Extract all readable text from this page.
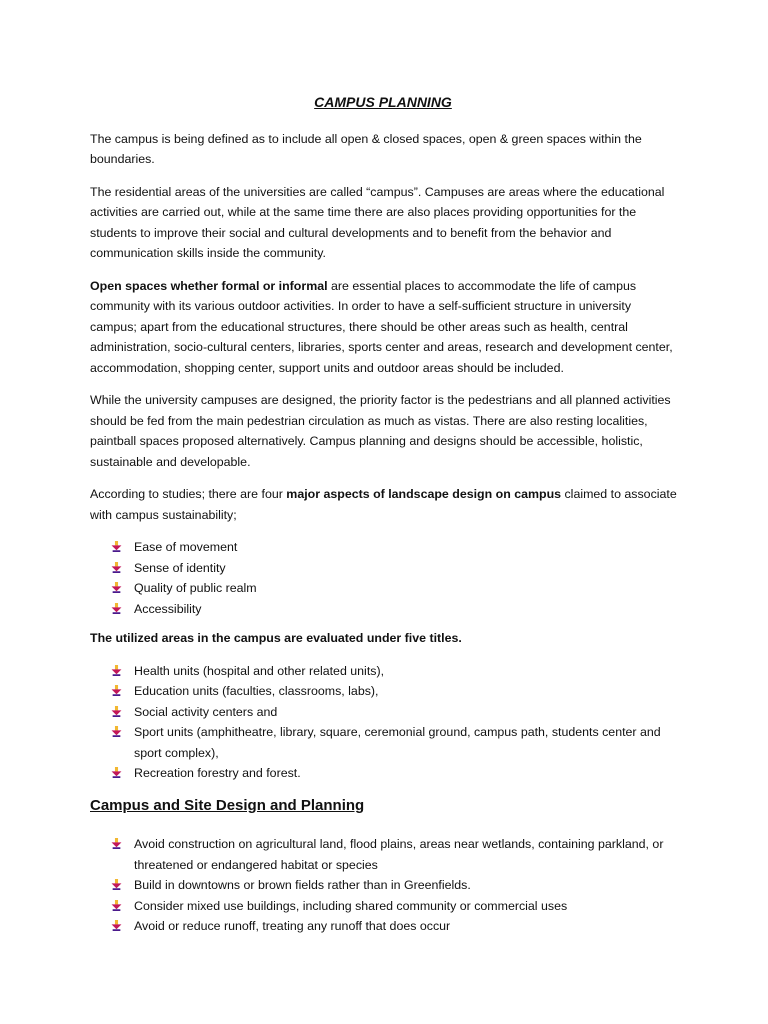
CAMPUS PLANNING

The campus is being defined as to include all open & closed spaces, open & green spaces within the boundaries.

The residential areas of the universities are called “campus”. Campuses are areas where the educational activities are carried out, while at the same time there are also places providing opportunities for the students to improve their social and cultural developments and to benefit from the behavior and communication skills inside the community.

Open spaces whether formal or informal are essential places to accommodate the life of campus community with its various outdoor activities. In order to have a self-sufficient structure in university campus; apart from the educational structures, there should be other areas such as health, central administration, socio-cultural centers, libraries, sports center and areas, research and development center, accommodation, shopping center, support units and outdoor areas should be included.

While the university campuses are designed, the priority factor is the pedestrians and all planned activities should be fed from the main pedestrian circulation as much as vistas. There are also resting localities, paintball spaces proposed alternatively. Campus planning and designs should be accessible, holistic, sustainable and developable.

According to studies; there are four major aspects of landscape design on campus claimed to associate with campus sustainability;

Ease of movement
Sense of identity
Quality of public realm
Accessibility

The utilized areas in the campus are evaluated under five titles.

Health units (hospital and other related units),
Education units (faculties, classrooms, labs),
Social activity centers and
Sport units (amphitheatre, library, square, ceremonial ground, campus path, students center and sport complex),
Recreation forestry and forest.
Campus and Site Design and Planning
Avoid construction on agricultural land, flood plains, areas near wetlands, containing parkland, or threatened or endangered habitat or species
Build in downtowns or brown fields rather than in Greenfields.
Consider mixed use buildings, including shared community or commercial uses
Avoid or reduce runoff, treating any runoff that does occur
